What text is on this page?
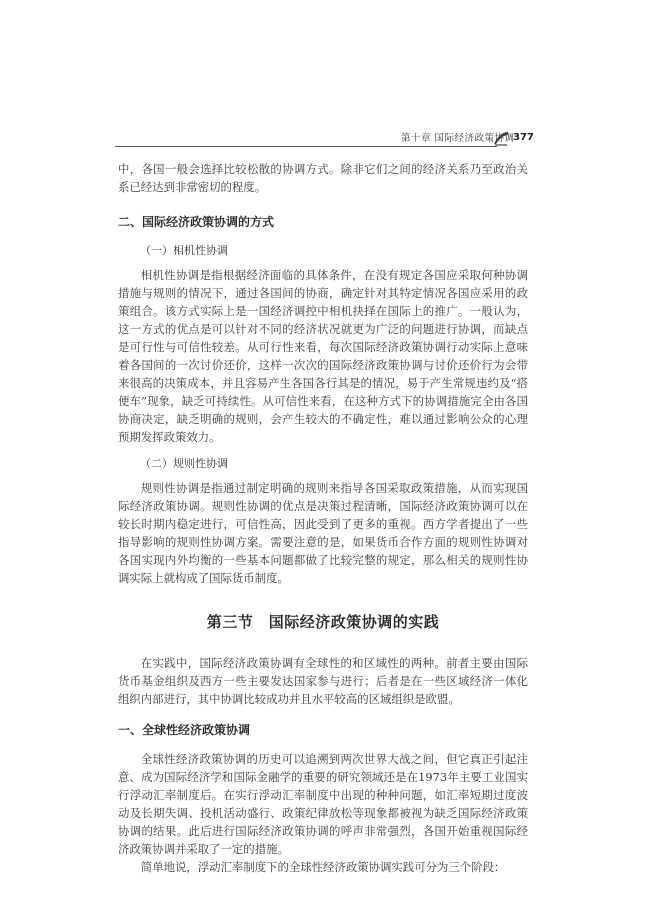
第十章 国际经济政策协调
377

中，各国一般会选择比较松散的协调方式。除非它们之间的经济关系乃至政治关系已经达到非常密切的程度。

二、国际经济政策协调的方式
（一）相机性协调

相机性协调是指根据经济面临的具体条件，在没有规定各国应采取何种协调措施与规则的情况下，通过各国间的协商，确定针对其特定情况各国应采用的政策组合。该方式实际上是一国经济调控中相机抉择在国际上的推广。一般认为，这一方式的优点是可以针对不同的经济状况就更为广泛的问题进行协调，而缺点是可行性与可信性较差。从可行性来看，每次国际经济政策协调行动实际上意味着各国间的一次讨价还价，这样一次次的国际经济政策协调与讨价还价行为会带来很高的决策成本，并且容易产生各国各行其是的情况，易于产生常规违约及“搭便车”现象，缺乏可持续性。从可信性来看，在这种方式下的协调措施完全由各国协商决定，缺乏明确的规则，会产生较大的不确定性，难以通过影响公众的心理预期发挥政策效力。

（二）规则性协调

规则性协调是指通过制定明确的规则来指导各国采取政策措施，从而实现国际经济政策协调。规则性协调的优点是决策过程清晰，国际经济政策协调可以在较长时期内稳定进行，可信性高，因此受到了更多的重视。西方学者提出了一些指导影响的规则性协调方案。需要注意的是，如果货币合作方面的规则性协调对各国实现内外均衡的一些基本问题都做了比较完整的规定，那么相关的规则性协调实际上就构成了国际货币制度。

第三节　国际经济政策协调的实践

在实践中，国际经济政策协调有全球性的和区域性的两种。前者主要由国际货币基金组织及西方一些主要发达国家参与进行；后者是在一些区域经济一体化组织内部进行，其中协调比较成功并且水平较高的区域组织是欧盟。

一、全球性经济政策协调

全球性经济政策协调的历史可以追溯到两次世界大战之间，但它真正引起注意、成为国际经济学和国际金融学的重要的研究领域还是在1973年主要工业国实行浮动汇率制度后。在实行浮动汇率制度中出现的种种问题，如汇率短期过度波动及长期失调、投机活动盛行、政策纪律放松等现象都被视为缺乏国际经济政策协调的结果。此后进行国际经济政策协调的呼声非常强烈，各国开始重视国际经济政策协调并采取了一定的措施。

简单地说，浮动汇率制度下的全球性经济政策协调实践可分为三个阶段：
